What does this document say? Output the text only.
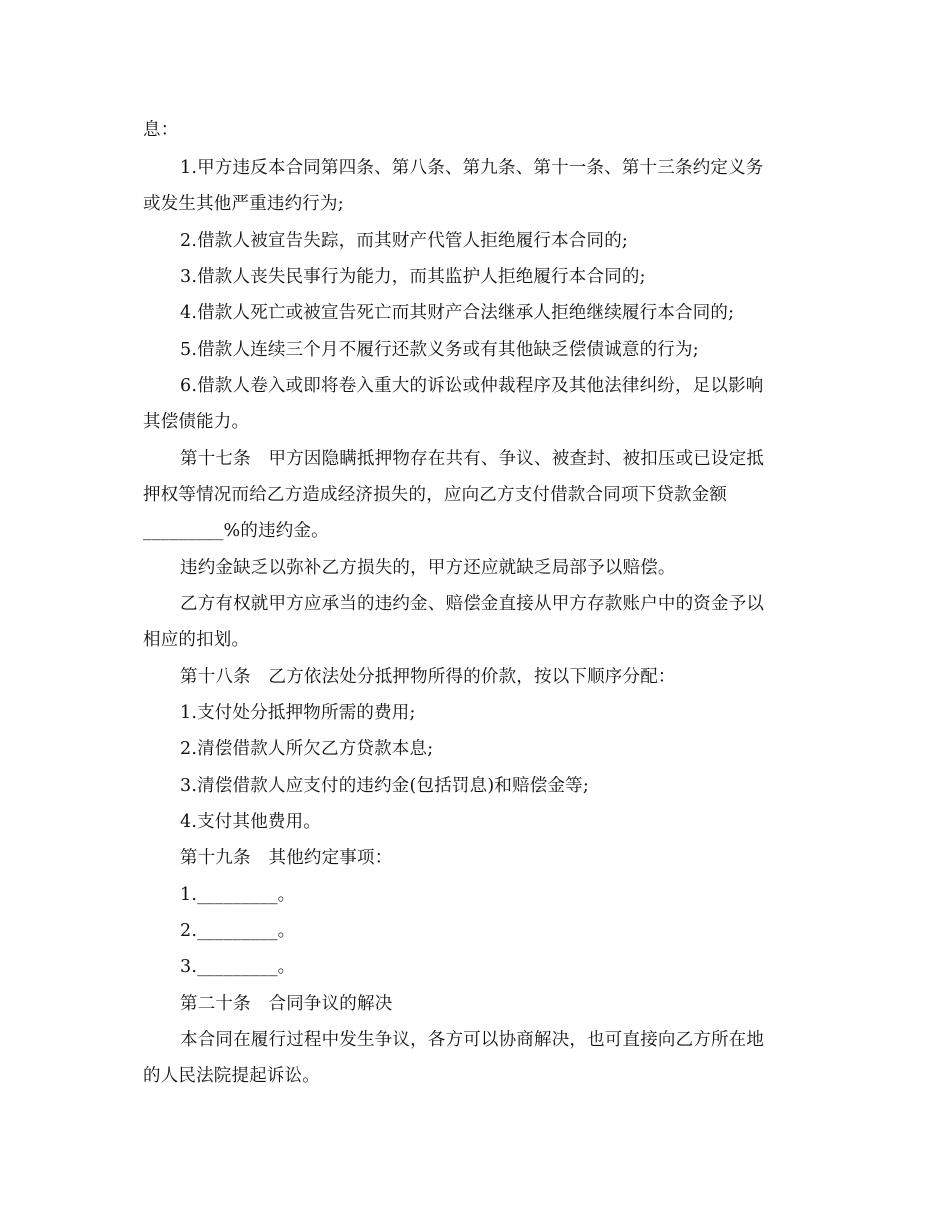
息：
1.甲方违反本合同第四条、第八条、第九条、第十一条、第十三条约定义务
或发生其他严重违约行为;
2.借款人被宣告失踪，而其财产代管人拒绝履行本合同的;
3.借款人丧失民事行为能力，而其监护人拒绝履行本合同的;
4.借款人死亡或被宣告死亡而其财产合法继承人拒绝继续履行本合同的;
5.借款人连续三个月不履行还款义务或有其他缺乏偿债诚意的行为;
6.借款人卷入或即将卷入重大的诉讼或仲裁程序及其他法律纠纷，足以影响
其偿债能力。
第十七条　甲方因隐瞒抵押物存在共有、争议、被查封、被扣压或已设定抵
押权等情况而给乙方造成经济损失的，应向乙方支付借款合同项下贷款金额
_________%的违约金。
违约金缺乏以弥补乙方损失的，甲方还应就缺乏局部予以赔偿。
乙方有权就甲方应承当的违约金、赔偿金直接从甲方存款账户中的资金予以
相应的扣划。
第十八条　乙方依法处分抵押物所得的价款，按以下顺序分配：
1.支付处分抵押物所需的费用;
2.清偿借款人所欠乙方贷款本息;
3.清偿借款人应支付的违约金(包括罚息)和赔偿金等;
4.支付其他费用。
第十九条　其他约定事项：
1._________。
2._________。
3._________。
第二十条　合同争议的解决
本合同在履行过程中发生争议，各方可以协商解决，也可直接向乙方所在地
的人民法院提起诉讼。
